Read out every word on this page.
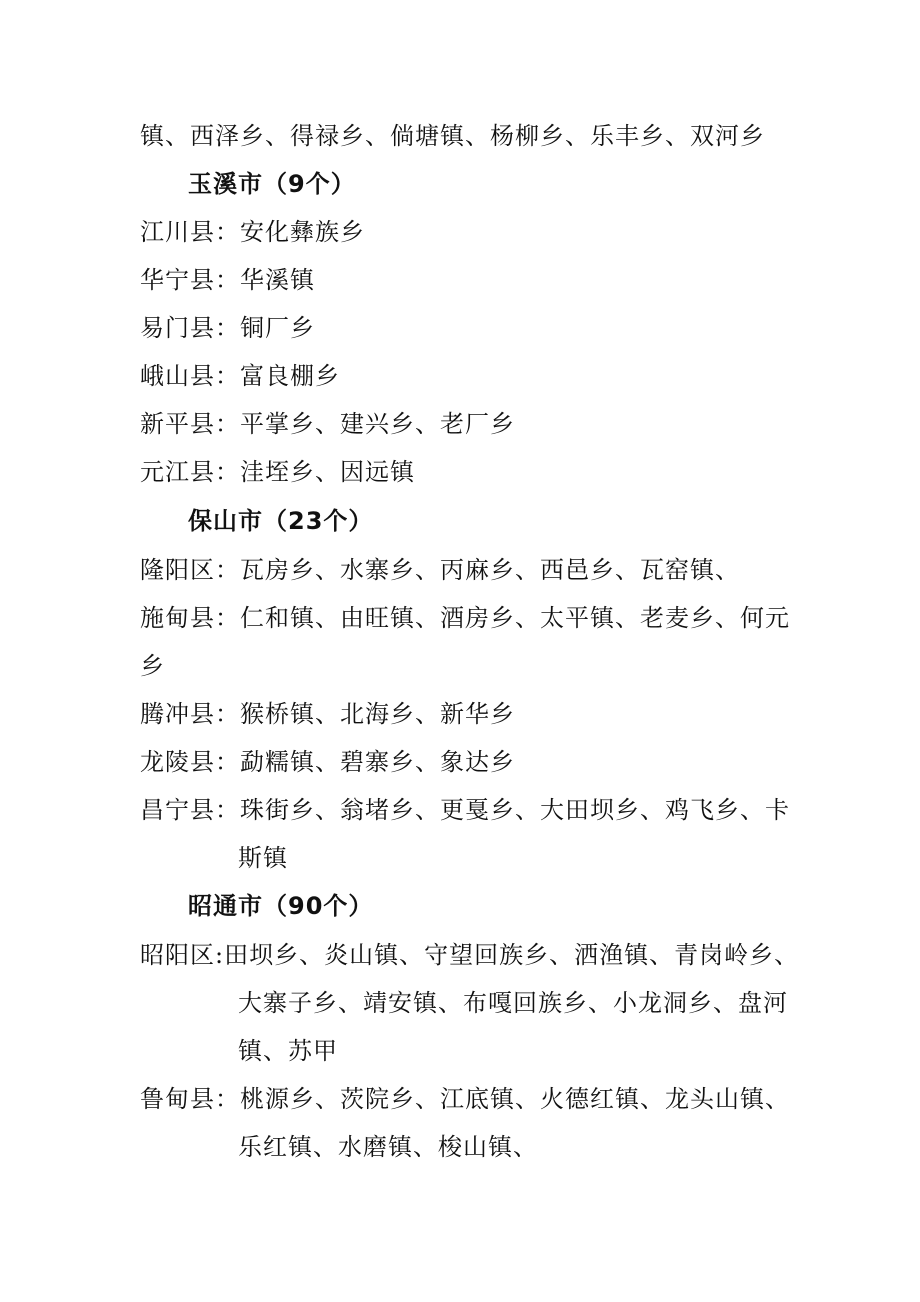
镇、西泽乡、得禄乡、倘塘镇、杨柳乡、乐丰乡、双河乡
玉溪市（9个）
江川县：安化彝族乡
华宁县：华溪镇
易门县：铜厂乡
峨山县：富良棚乡
新平县：平掌乡、建兴乡、老厂乡
元江县：洼垤乡、因远镇
保山市（23个）
隆阳区：瓦房乡、水寨乡、丙麻乡、西邑乡、瓦窑镇、
施甸县：仁和镇、由旺镇、酒房乡、太平镇、老麦乡、何元
乡
腾冲县：猴桥镇、北海乡、新华乡
龙陵县：勐糯镇、碧寨乡、象达乡
昌宁县：珠街乡、翁堵乡、更戛乡、大田坝乡、鸡飞乡、卡
斯镇
昭通市（90个）
昭阳区:田坝乡、炎山镇、守望回族乡、洒渔镇、青岗岭乡、
大寨子乡、靖安镇、布嘎回族乡、小龙洞乡、盘河
镇、苏甲
鲁甸县：桃源乡、茨院乡、江底镇、火德红镇、龙头山镇、
乐红镇、水磨镇、梭山镇、
